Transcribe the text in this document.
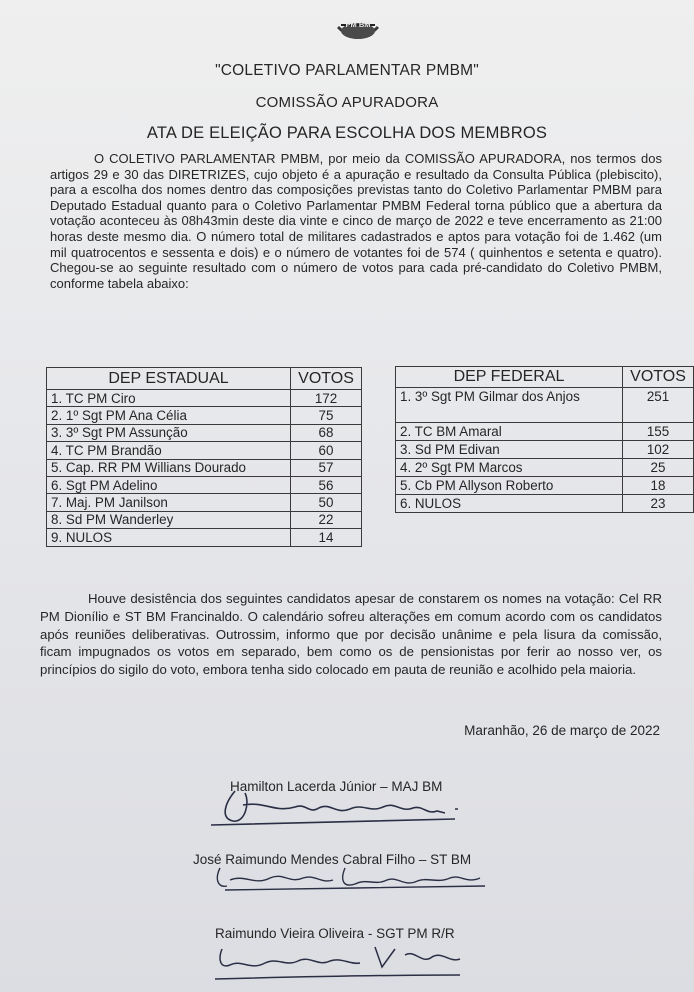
PM BM
"COLETIVO PARLAMENTAR PMBM"
COMISSÃO APURADORA
ATA DE ELEIÇÃO PARA ESCOLHA DOS MEMBROS

O COLETIVO PARLAMENTAR PMBM, por meio da COMISSÃO APURADORA, nos termos dos artigos 29 e 30 das DIRETRIZES, cujo objeto é a apuração e resultado da Consulta Pública (plebiscito), para a escolha dos nomes dentro das composições previstas tanto do Coletivo Parlamentar PMBM para Deputado Estadual quanto para o Coletivo Parlamentar PMBM Federal torna público que a abertura da votação aconteceu às 08h43min deste dia vinte e cinco de março de 2022 e teve encerramento as 21:00 horas deste mesmo dia. O número total de militares cadastrados e aptos para votação foi de 1.462 (um mil quatrocentos e sessenta e dois) e o número de votantes foi de 574 ( quinhentos e setenta e quatro). Chegou-se ao seguinte resultado com o número de votos para cada pré-candidato do Coletivo PMBM, conforme tabela abaixo:

DEP ESTADUAL	VOTOS
1. TC PM Ciro	172
2. 1º Sgt PM Ana Célia	75
3. 3º Sgt PM Assunção	68
4. TC PM Brandão	60
5. Cap. RR PM Willians Dourado	57
6. Sgt PM Adelino	56
7. Maj. PM Janilson	50
8. Sd PM Wanderley	22
9. NULOS	14
DEP FEDERAL	VOTOS
1. 3º Sgt PM Gilmar dos Anjos	251
2. TC BM Amaral	155
3. Sd PM Edivan	102
4. 2º Sgt PM Marcos	25
5. Cb PM Allyson Roberto	18
6. NULOS	23

Houve desistência dos seguintes candidatos apesar de constarem os nomes na votação: Cel RR PM Dionílio e ST BM Francinaldo. O calendário sofreu alterações em comum acordo com os candidatos após reuniões deliberativas. Outrossim, informo que por decisão unânime e pela lisura da comissão, ficam impugnados os votos em separado, bem como os de pensionistas por ferir ao nosso ver, os princípios do sigilo do voto, embora tenha sido colocado em pauta de reunião e acolhido pela maioria.

Maranhão, 26 de março de 2022
Hamilton Lacerda Júnior – MAJ BM
José Raimundo Mendes Cabral Filho – ST BM
Raimundo Vieira Oliveira - SGT PM R/R
